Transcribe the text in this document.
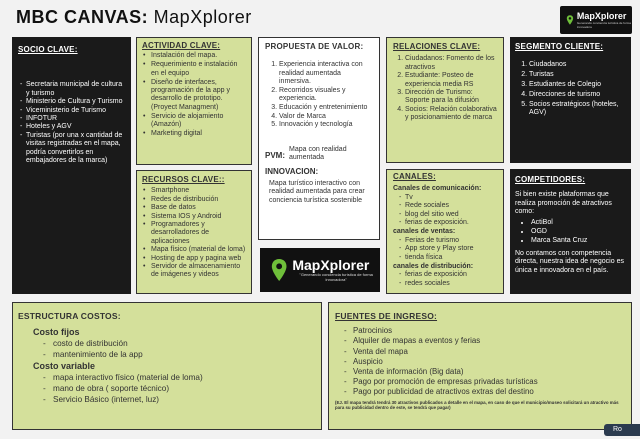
MBC CANVAS: MapXplorer	MapXplorer
Generando conciencia turística de forma innovadora
SOCIO CLAVE:
- Secretaria municipal de cultura y turismo
- Ministerio de Cultura y Turismo
- Viceministerio de Turismo
- INFOTUR
- Hoteles y AGV
- Turistas (por una x cantidad de visitas registradas en el mapa, podría convertirlos en embajadores de la marca)
ACTIVIDAD CLAVE:
• Instalación del mapa.
• Requerimiento e instalación en el equipo
• Diseño de interfaces, programación de la app y desarrollo de prototipo. (Proyect Managment)
• Servicio de alojamiento (Amazón)
• Marketing digital
RECURSOS CLAVE::
• Smartphone
• Redes de distribución
• Base de datos
• Sistema IOS y Android
• Programadores y desarrolladores de aplicaciones
• Mapa físico (material de loma)
• Hosting de app y pagina web
• Servidor de almacenamiento de imágenes y videos
PROPUESTA DE VALOR:
1. Experiencia interactiva con realidad aumentada inmersiva.
2. Recorridos visuales y experiencia.
3. Educación y entretenimiento
4. Valor de Marca
5. Innovación y tecnología
PVM:
Mapa con realidad aumentada
INNOVACION:

Mapa turístico interactivo con realidad aumentada para crear conciencia turística sostenible

MapXplorer
"Generando conciencia turística de forma innovadora"
RELACIONES CLAVE:
1. Ciudadanos: Fomento de los atractivos
2. Estudiante: Posteo de experiencia media RS
3. Dirección de Turismo: Soporte para la difusión
4. Socios: Relación colaborativa y posicionamiento de marca
CANALES:
Canales de comunicación:
- Tv
- Rede sociales
- blog del sitio wed
- ferias de exposición.
canales de ventas:
- Ferias de turismo
- App store y Play store
- tienda física
canales de distribución:
- ferias de exposición
- redes sociales
SEGMENTO CLIENTE:
1. Ciudadanos
2. Turistas
3. Estudiantes de Colegio
4. Direcciones de turismo
5. Socios estratégicos (hoteles, AGV)
COMPETIDORES:

Si bien existe plataformas que realiza promoción de atractivos como:

• ActiBol
• OGD
• Marca Santa Cruz

No contamos con competencia directa, nuestra idea de negocio es única e innovadora en el país.

ESTRUCTURA COSTOS:
Costo fijos
- costo de distribución
- mantenimiento de la app
Costo variable
- mapa interactivo físico (material de loma)
- mano de obra ( soporte técnico)
- Servicio Básico (internet, luz)
FUENTES DE INGRESO:
- Patrocinios
- Alquiler de mapas a eventos y ferias
- Venta del mapa
- Auspicio
- Venta de información (Big data)
- Pago por promoción de empresas privadas turísticas
- Pago por publicidad de atractivos extras del destino
(EJ. El mapa tendrá tendrá 30 atractivos publicados a detalle en el mapa, en caso de que el municipio/museo solicitará un atractivo más para su publicidad dentro de este, se tendrá que pagar)
Ro
